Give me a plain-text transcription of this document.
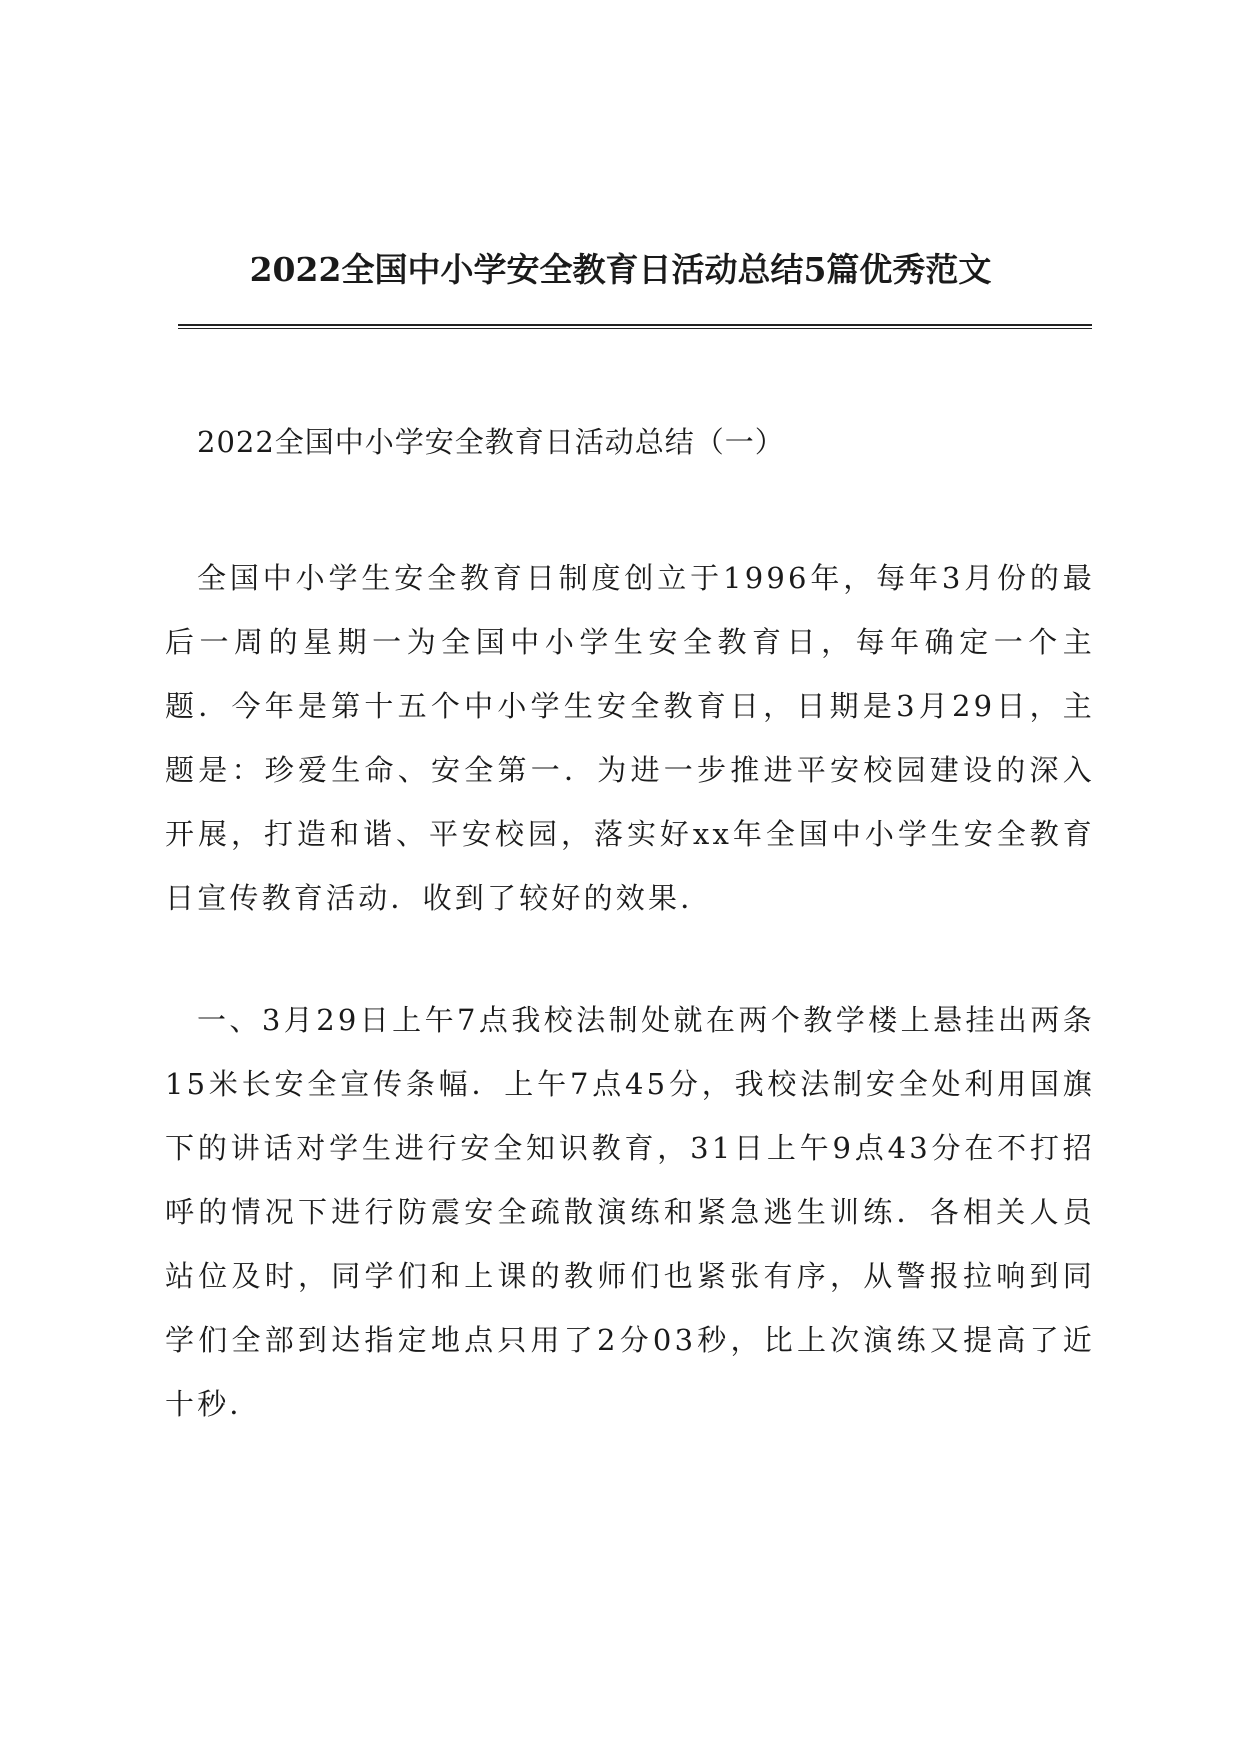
2022全国中小学安全教育日活动总结5篇优秀范文
2022全国中小学安全教育日活动总结（一）

全国中小学生安全教育日制度创立于1996年，每年3月份的最后一周的星期一为全国中小学生安全教育日，每年确定一个主题．今年是第十五个中小学生安全教育日，日期是3月29日，主题是：珍爱生命、安全第一．为进一步推进平安校园建设的深入开展，打造和谐、平安校园，落实好xx年全国中小学生安全教育日宣传教育活动．收到了较好的效果．

一、3月29日上午7点我校法制处就在两个教学楼上悬挂出两条15米长安全宣传条幅．上午7点45分，我校法制安全处利用国旗下的讲话对学生进行安全知识教育，31日上午9点43分在不打招呼的情况下进行防震安全疏散演练和紧急逃生训练．各相关人员站位及时，同学们和上课的教师们也紧张有序，从警报拉响到同学们全部到达指定地点只用了2分03秒，比上次演练又提高了近十秒．
